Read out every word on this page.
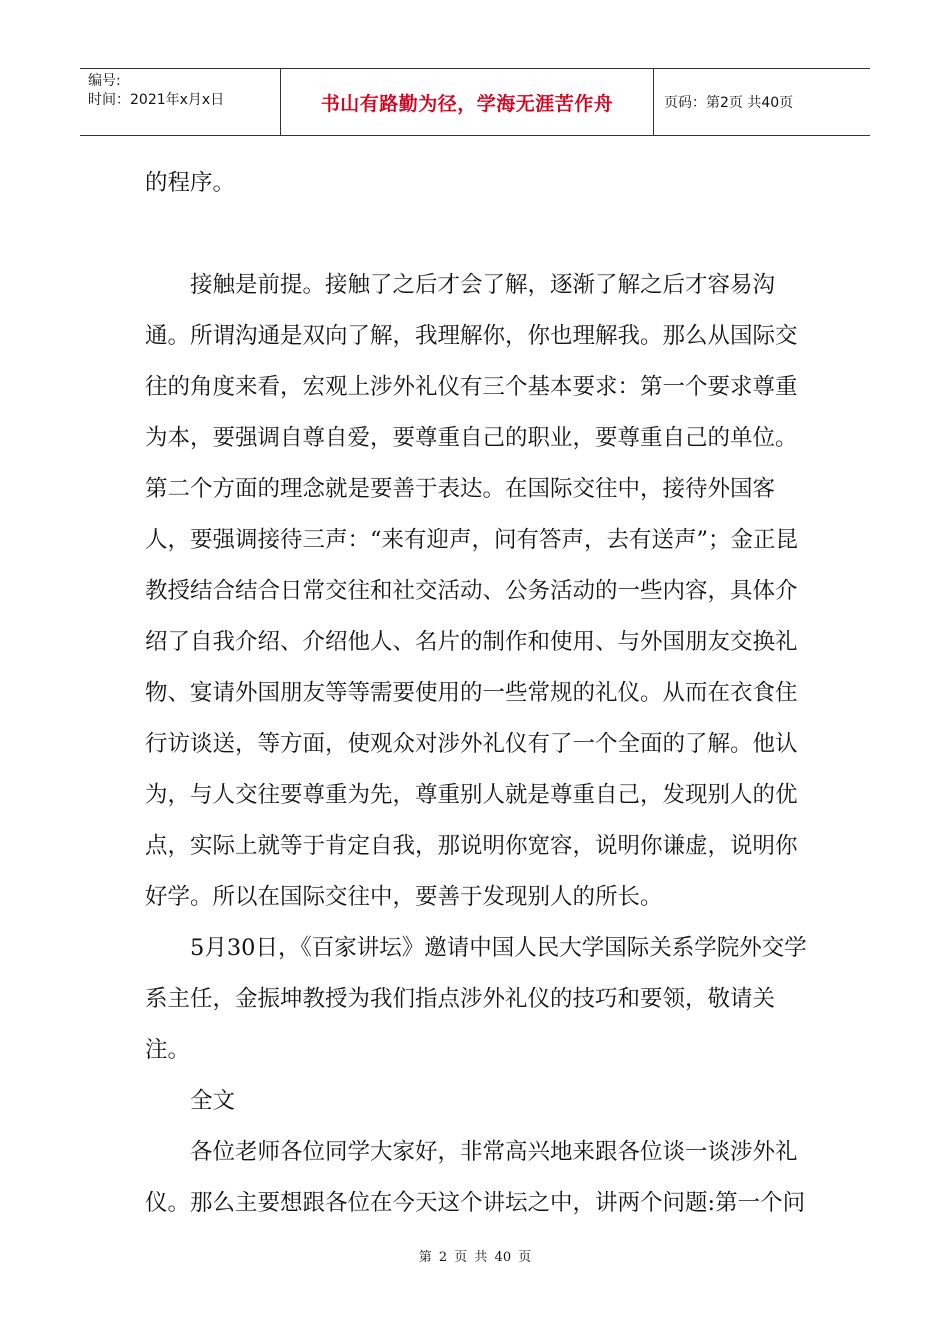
编号:
时间：2021年x月x日	书山有路勤为径，学海无涯苦作舟	页码：第2页 共40页

的程序。

接触是前提。接触了之后才会了解，逐渐了解之后才容易沟通。所谓沟通是双向了解，我理解你，你也理解我。那么从国际交往的角度来看，宏观上涉外礼仪有三个基本要求：第一个要求尊重为本，要强调自尊自爱，要尊重自己的职业，要尊重自己的单位。第二个方面的理念就是要善于表达。在国际交往中，接待外国客人，要强调接待三声：“来有迎声，问有答声，去有送声”；金正昆教授结合结合日常交往和社交活动、公务活动的一些内容，具体介绍了自我介绍、介绍他人、名片的制作和使用、与外国朋友交换礼物、宴请外国朋友等等需要使用的一些常规的礼仪。从而在衣食住行访谈送，等方面，使观众对涉外礼仪有了一个全面的了解。他认为，与人交往要尊重为先，尊重别人就是尊重自己，发现别人的优点，实际上就等于肯定自我，那说明你宽容，说明你谦虚，说明你好学。所以在国际交往中，要善于发现别人的所长。

5月30日，《百家讲坛》邀请中国人民大学国际关系学院外交学系主任，金振坤教授为我们指点涉外礼仪的技巧和要领，敬请关注。

全文

各位老师各位同学大家好，非常高兴地来跟各位谈一谈涉外礼仪。那么主要想跟各位在今天这个讲坛之中，讲两个问题:第一个问

第 2 页 共 40 页
